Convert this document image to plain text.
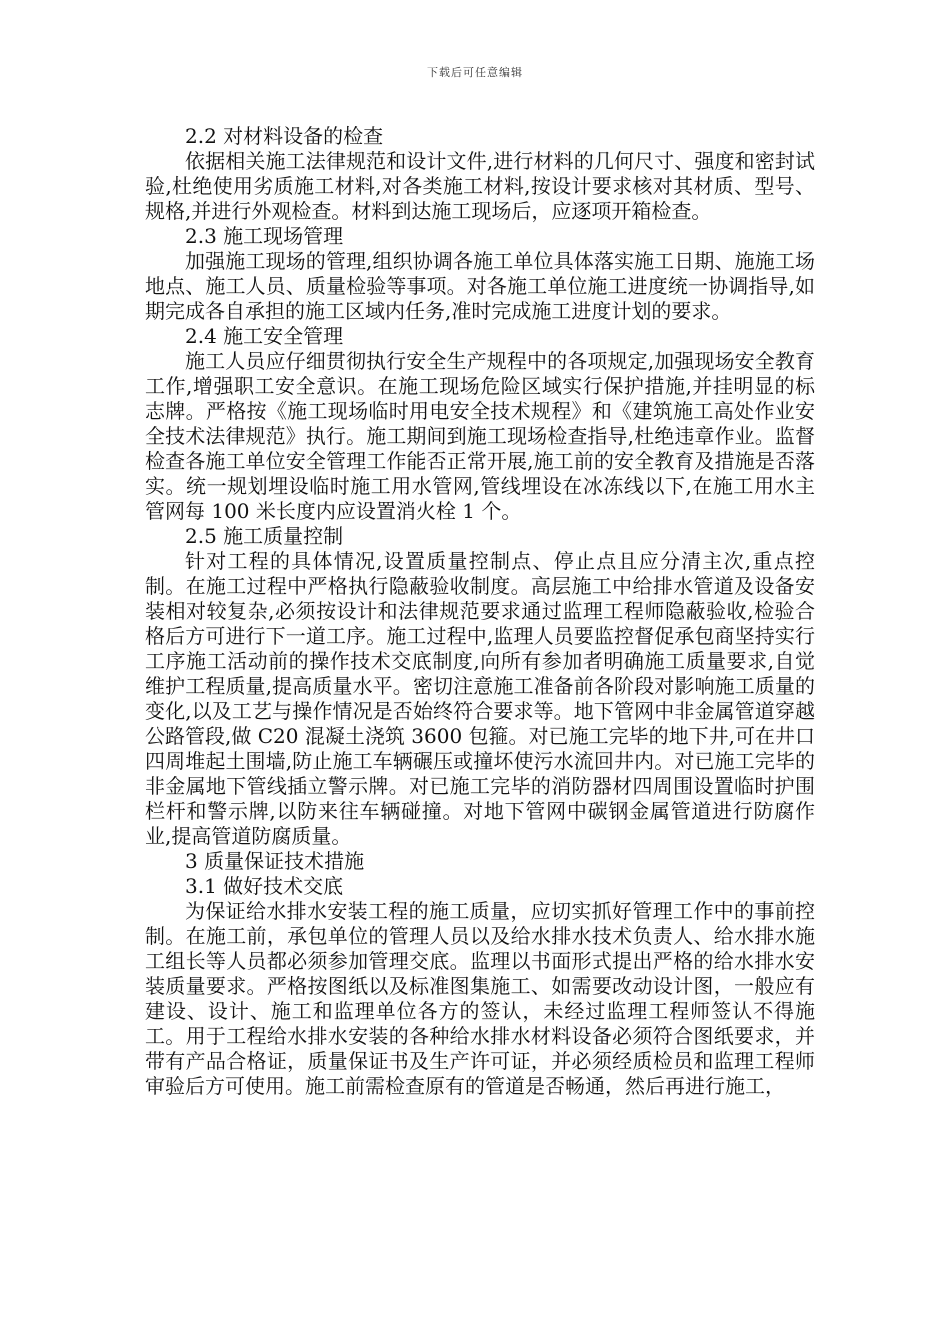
下载后可任意编辑

2.2 对材料设备的检查

依据相关施工法律规范和设计文件,进行材料的几何尺寸、强度和密封试验,杜绝使用劣质施工材料,对各类施工材料,按设计要求核对其材质、型号、规格,并进行外观检查。材料到达施工现场后，应逐项开箱检查。

2.3 施工现场管理

加强施工现场的管理,组织协调各施工单位具体落实施工日期、施施工场地点、施工人员、质量检验等事项。对各施工单位施工进度统一协调指导,如期完成各自承担的施工区域内任务,准时完成施工进度计划的要求。

2.4 施工安全管理

施工人员应仔细贯彻执行安全生产规程中的各项规定,加强现场安全教育工作,增强职工安全意识。在施工现场危险区域实行保护措施,并挂明显的标志牌。严格按《施工现场临时用电安全技术规程》和《建筑施工高处作业安全技术法律规范》执行。施工期间到施工现场检查指导,杜绝违章作业。监督检查各施工单位安全管理工作能否正常开展,施工前的安全教育及措施是否落实。统一规划埋设临时施工用水管网,管线埋设在冰冻线以下,在施工用水主管网每 100 米长度内应设置消火栓 1 个。

2.5 施工质量控制

针对工程的具体情况,设置质量控制点、停止点且应分清主次,重点控制。在施工过程中严格执行隐蔽验收制度。高层施工中给排水管道及设备安装相对较复杂,必须按设计和法律规范要求通过监理工程师隐蔽验收,检验合格后方可进行下一道工序。施工过程中,监理人员要监控督促承包商坚持实行工序施工活动前的操作技术交底制度,向所有参加者明确施工质量要求,自觉维护工程质量,提高质量水平。密切注意施工准备前各阶段对影响施工质量的变化,以及工艺与操作情况是否始终符合要求等。地下管网中非金属管道穿越公路管段,做 C20 混凝土浇筑 3600 包箍。对已施工完毕的地下井,可在井口四周堆起土围墙,防止施工车辆碾压或撞坏使污水流回井内。对已施工完毕的非金属地下管线插立警示牌。对已施工完毕的消防器材四周围设置临时护围栏杆和警示牌,以防来往车辆碰撞。对地下管网中碳钢金属管道进行防腐作业,提高管道防腐质量。

3 质量保证技术措施

3.1 做好技术交底

为保证给水排水安装工程的施工质量，应切实抓好管理工作中的事前控制。在施工前，承包单位的管理人员以及给水排水技术负责人、给水排水施工组长等人员都必须参加管理交底。监理以书面形式提出严格的给水排水安装质量要求。严格按图纸以及标准图集施工、如需要改动设计图，一般应有建设、设计、施工和监理单位各方的签认，未经过监理工程师签认不得施工。用于工程给水排水安装的各种给水排水材料设备必须符合图纸要求，并带有产品合格证，质量保证书及生产许可证，并必须经质检员和监理工程师审验后方可使用。施工前需检查原有的管道是否畅通，然后再进行施工，
